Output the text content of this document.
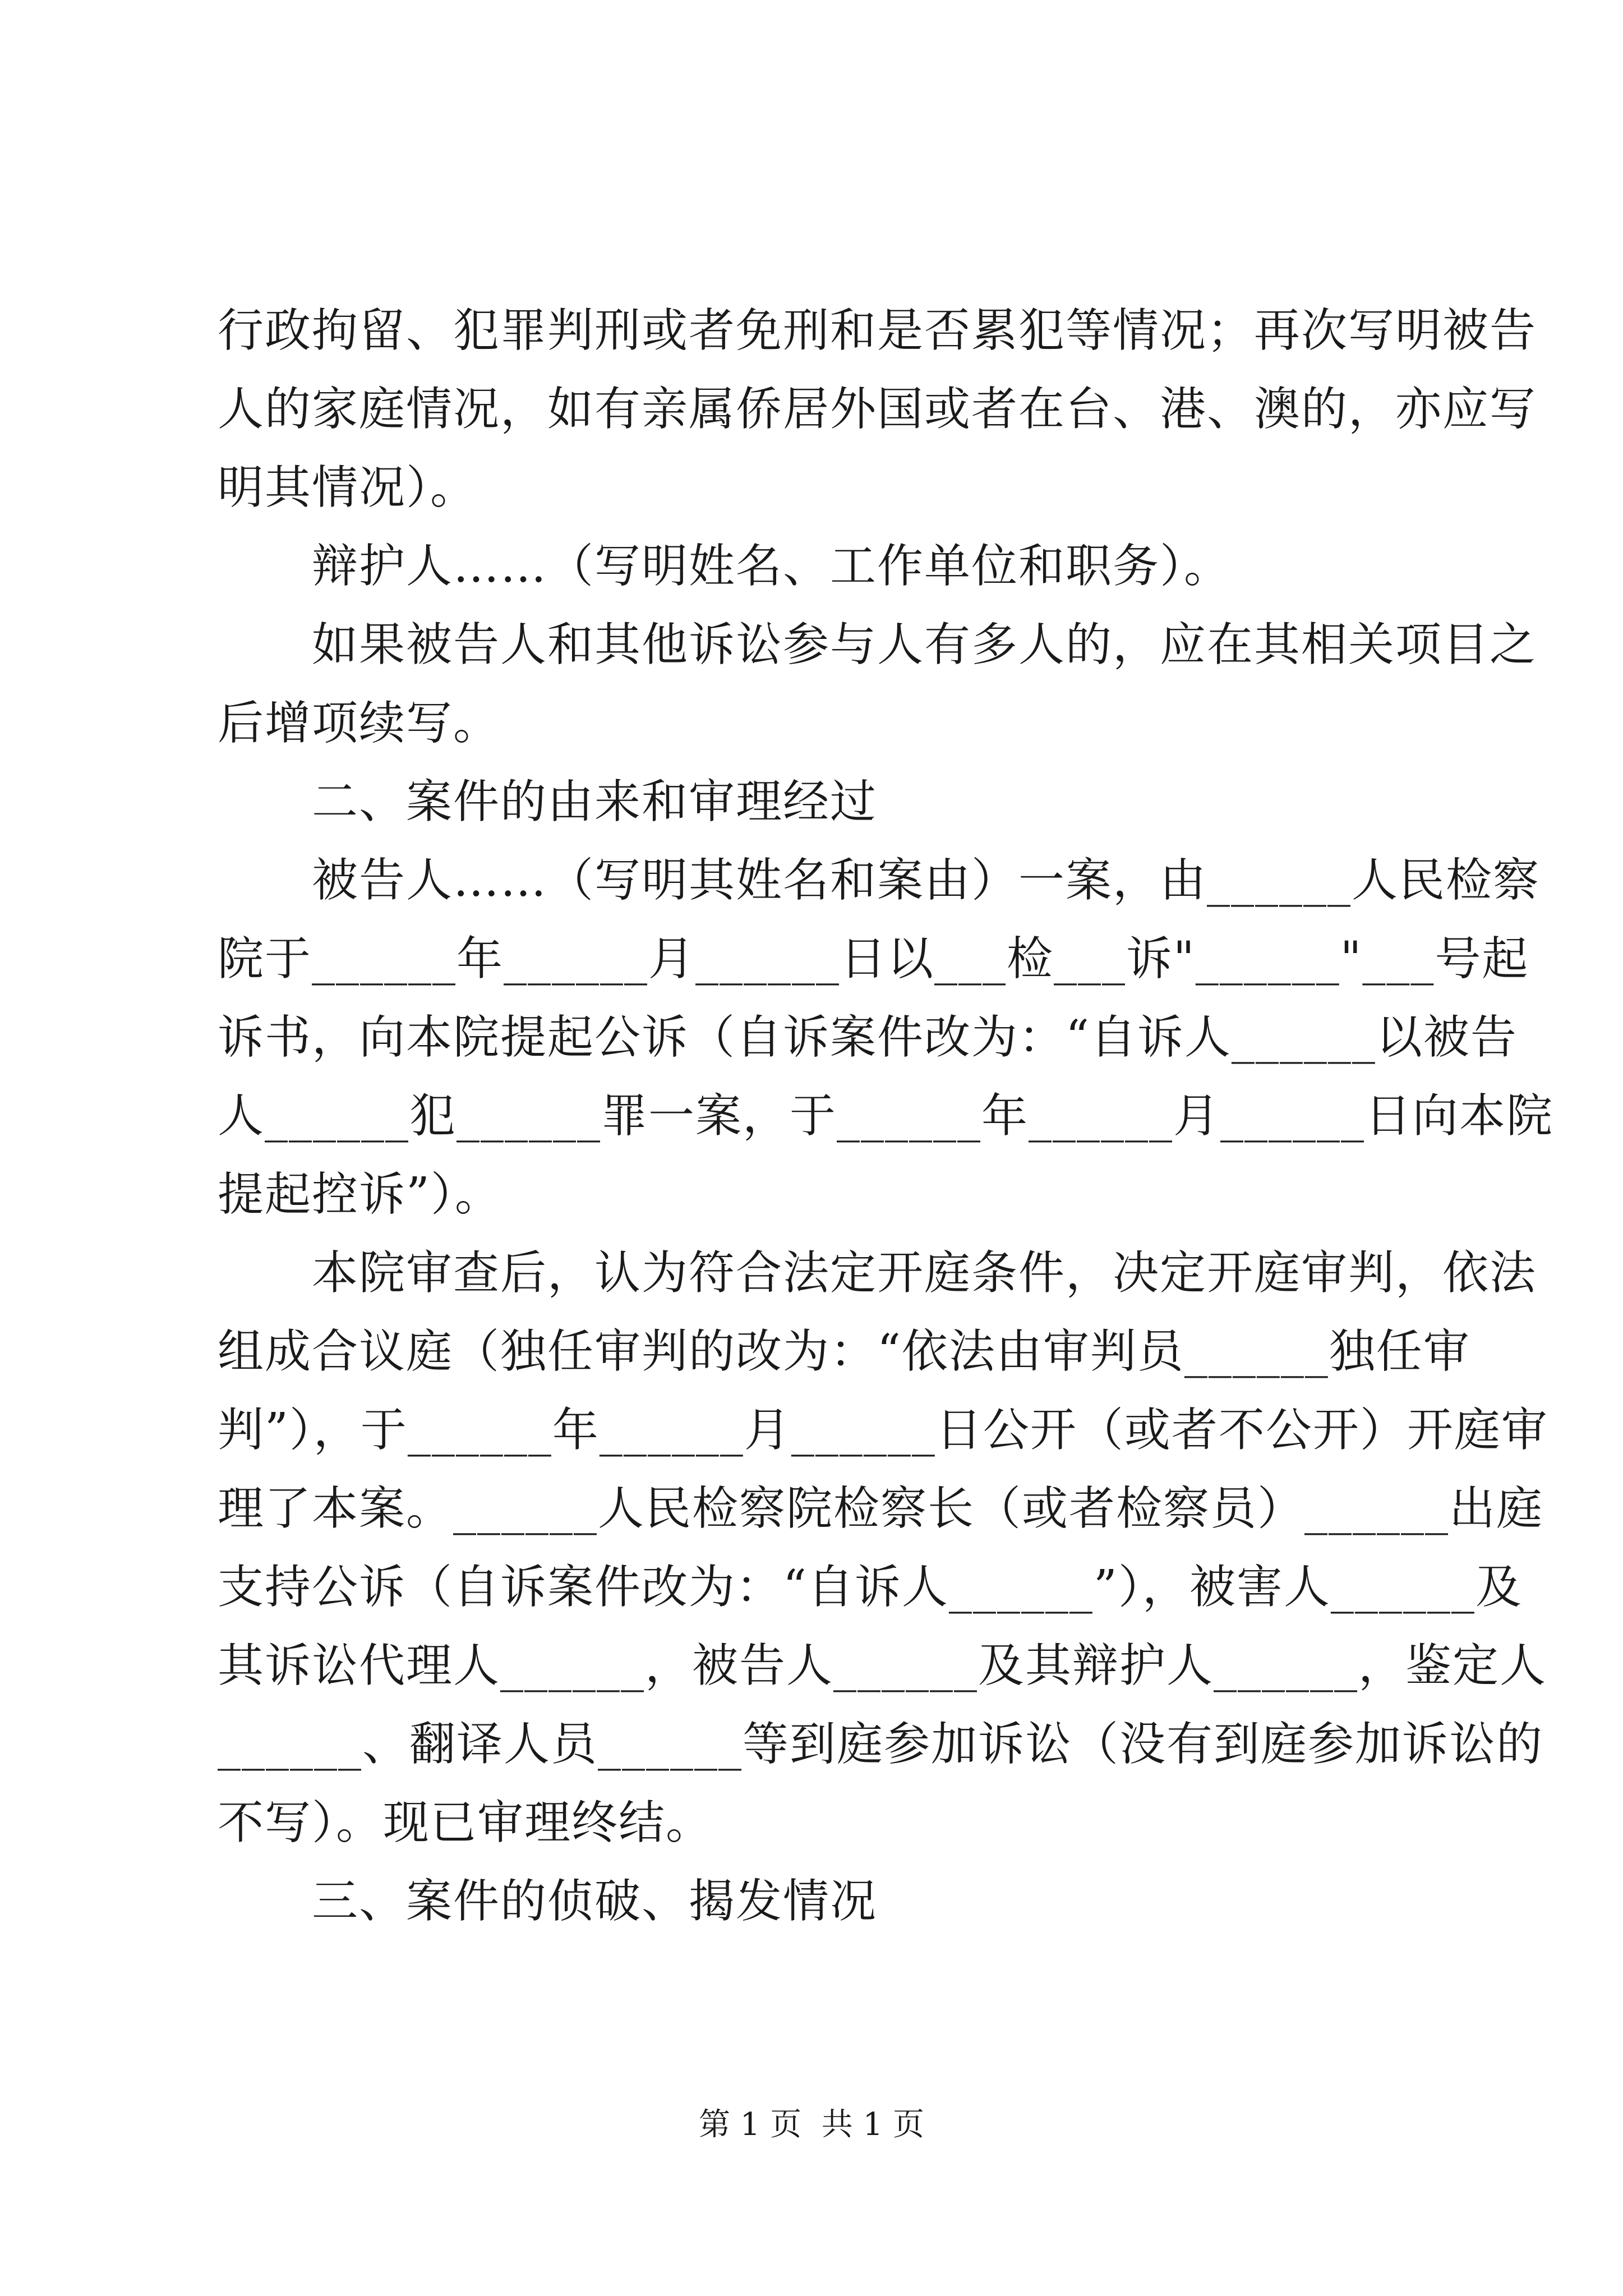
行政拘留、犯罪判刑或者免刑和是否累犯等情况；再次写明被告
人的家庭情况，如有亲属侨居外国或者在台、港、澳的，亦应写
明其情况）。
　　辩护人……（写明姓名、工作单位和职务）。
　　如果被告人和其他诉讼参与人有多人的，应在其相关项目之
后增项续写。
　　二、案件的由来和审理经过
　　被告人……（写明其姓名和案由）一案，由______人民检察
院于______年______月______日以___检___诉"______"___号起
诉书，向本院提起公诉（自诉案件改为：“自诉人______以被告
人______犯______罪一案，于______年______月______日向本院
提起控诉”）。
　　本院审查后，认为符合法定开庭条件，决定开庭审判，依法
组成合议庭（独任审判的改为：“依法由审判员______独任审
判”），于______年______月______日公开（或者不公开）开庭审
理了本案。______人民检察院检察长（或者检察员）______出庭
支持公诉（自诉案件改为：“自诉人______”），被害人______及
其诉讼代理人______，被告人______及其辩护人______，鉴定人
______、翻译人员______等到庭参加诉讼（没有到庭参加诉讼的
不写）。现已审理终结。
　　三、案件的侦破、揭发情况
第 1 页  共 1 页
